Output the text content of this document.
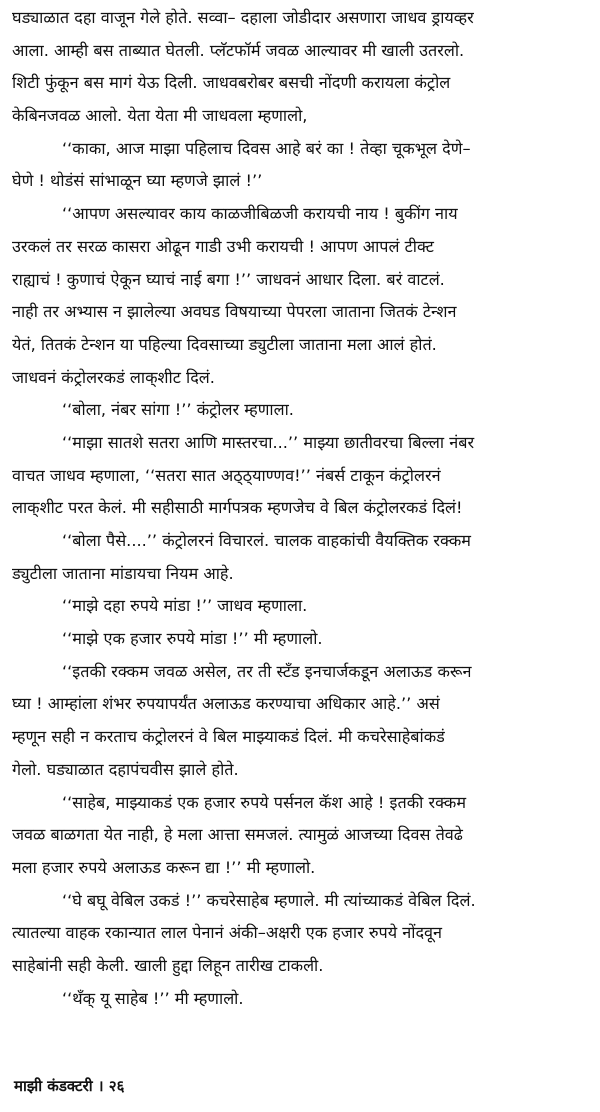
घड्याळात दहा वाजून गेले होते. सव्वा– दहाला जोडीदार असणारा जाधव ड्रायव्हर
आला. आम्ही बस ताब्यात घेतली. प्लॅटफॉर्म जवळ आल्यावर मी खाली उतरलो.
शिटी फुंकून बस मागं येऊ दिली. जाधवबरोबर बसची नोंदणी करायला कंट्रोल
केबिनजवळ आलो. येता येता मी जाधवला म्हणालो,
‘‘काका, आज माझा पहिलाच दिवस आहे बरं का ! तेव्हा चूकभूल देणे–
घेणे ! थोडंसं सांभाळून घ्या म्हणजे झालं !’’
‘‘आपण असल्यावर काय काळजीबिळजी करायची नाय ! बुकींग नाय
उरकलं तर सरळ कासरा ओढून गाडी उभी करायची ! आपण आपलं टीक्ट
राह्याचं ! कुणाचं ऐकून घ्याचं नाई बगा !’’ जाधवनं आधार दिला. बरं वाटलं.
नाही तर अभ्यास न झालेल्या अवघड विषयाच्या पेपरला जाताना जितकं टेन्शन
येतं, तितकं टेन्शन या पहिल्या दिवसाच्या ड्युटीला जाताना मला आलं होतं.
जाधवनं कंट्रोलरकडं लाक्‌शीट दिलं.
‘‘बोला, नंबर सांगा !’’ कंट्रोलर म्हणाला.
‘‘माझा सातशे सतरा आणि मास्तरचा...’’ माझ्या छातीवरचा बिल्ला नंबर
वाचत जाधव म्हणाला, ‘‘सतरा सात अठ्ठ्याण्णव!’’ नंबर्स टाकून कंट्रोलरनं
लाक्‌शीट परत केलं. मी सहीसाठी मार्गपत्रक म्हणजेच वे बिल कंट्रोलरकडं दिलं!
‘‘बोला पैसे....’’ कंट्रोलरनं विचारलं. चालक वाहकांची वैयक्तिक रक्कम
ड्युटीला जाताना मांडायचा नियम आहे.
‘‘माझे दहा रुपये मांडा !’’ जाधव म्हणाला.
‘‘माझे एक हजार रुपये मांडा !’’ मी म्हणालो.
‘‘इतकी रक्कम जवळ असेल, तर ती स्टॅंड इनचार्जकडून अलाऊड करून
घ्या ! आम्हांला शंभर रुपयापर्यंत अलाऊड करण्याचा अधिकार आहे.’’ असं
म्हणून सही न करताच कंट्रोलरनं वे बिल माझ्याकडं दिलं. मी कचरेसाहेबांकडं
गेलो. घड्याळात दहापंचवीस झाले होते.
‘‘साहेब, माझ्याकडं एक हजार रुपये पर्सनल कॅश आहे ! इतकी रक्कम
जवळ बाळगता येत नाही, हे मला आत्ता समजलं. त्यामुळं आजच्या दिवस तेवढे
मला हजार रुपये अलाऊड करून द्या !’’ मी म्हणालो.
‘‘घे बघू वेबिल उकडं !’’ कचरेसाहेब म्हणाले. मी त्यांच्याकडं वेबिल दिलं.
त्यातल्या वाहक रकान्यात लाल पेनानं अंकी–अक्षरी एक हजार रुपये नोंदवून
साहेबांनी सही केली. खाली हुद्दा लिहून तारीख टाकली.
‘‘थँक्‌ यू साहेब !’’ मी म्हणालो.
माझी कंडक्टरी । २६
